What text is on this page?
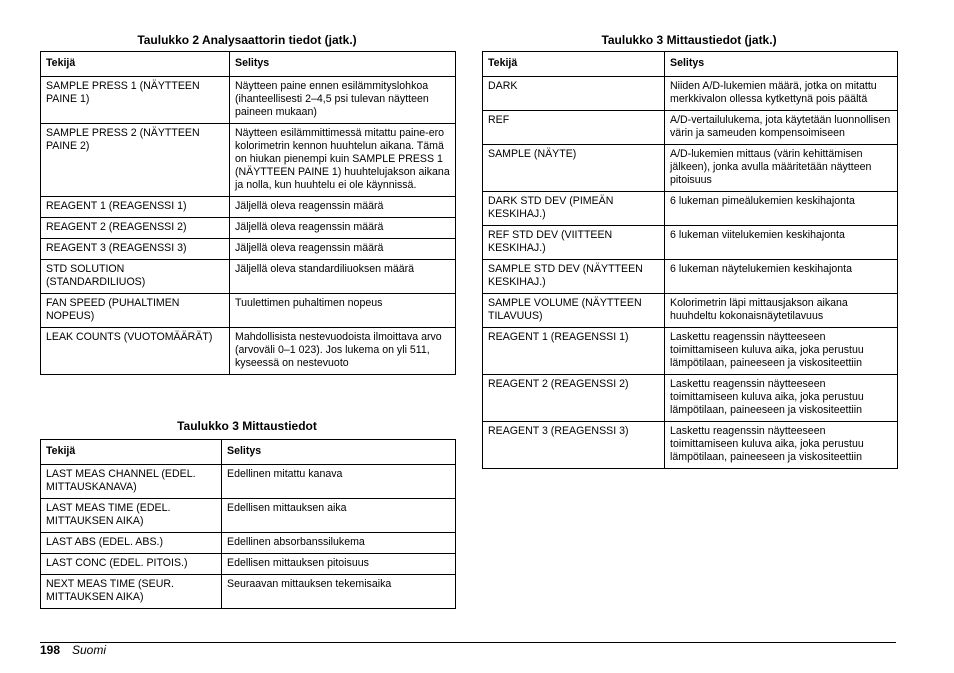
Taulukko 2 Analysaattorin tiedot (jatk.)
Tekijä	Selitys
SAMPLE PRESS 1 (NÄYTTEEN PAINE 1)	Näytteen paine ennen esilämmityslohkoa (ihanteellisesti 2–4,5 psi tulevan näytteen paineen mukaan)
SAMPLE PRESS 2 (NÄYTTEEN PAINE 2)	Näytteen esilämmittimessä mitattu paine-ero kolorimetrin kennon huuhtelun aikana. Tämä on hiukan pienempi kuin SAMPLE PRESS 1 (NÄYTTEEN PAINE 1) huuhtelujakson aikana ja nolla, kun huuhtelu ei ole käynnissä.
REAGENT 1 (REAGENSSI 1)	Jäljellä oleva reagenssin määrä
REAGENT 2 (REAGENSSI 2)	Jäljellä oleva reagenssin määrä
REAGENT 3 (REAGENSSI 3)	Jäljellä oleva reagenssin määrä
STD SOLUTION (STANDARDILIUOS)	Jäljellä oleva standardiliuoksen määrä
FAN SPEED (PUHALTIMEN NOPEUS)	Tuulettimen puhaltimen nopeus
LEAK COUNTS (VUOTOMÄÄRÄT)	Mahdollisista nestevuodoista ilmoittava arvo (arvoväli 0–1 023). Jos lukema on yli 511, kyseessä on nestevuoto
Taulukko 3 Mittaustiedot
Tekijä	Selitys
LAST MEAS CHANNEL (EDEL. MITTAUSKANAVA)	Edellinen mitattu kanava
LAST MEAS TIME (EDEL. MITTAUKSEN AIKA)	Edellisen mittauksen aika
LAST ABS (EDEL. ABS.)	Edellinen absorbanssilukema
LAST CONC (EDEL. PITOIS.)	Edellisen mittauksen pitoisuus
NEXT MEAS TIME (SEUR. MITTAUKSEN AIKA)	Seuraavan mittauksen tekemisaika
Taulukko 3 Mittaustiedot (jatk.)
Tekijä	Selitys
DARK	Niiden A/D-lukemien määrä, jotka on mitattu merkkivalon ollessa kytkettynä pois päältä
REF	A/D-vertailulukema, jota käytetään luonnollisen värin ja sameuden kompensoimiseen
SAMPLE (NÄYTE)	A/D-lukemien mittaus (värin kehittämisen jälkeen), jonka avulla määritetään näytteen pitoisuus
DARK STD DEV (PIMEÄN KESKIHAJ.)	6 lukeman pimeälukemien keskihajonta
REF STD DEV (VIITTEEN KESKIHAJ.)	6 lukeman viitelukemien keskihajonta
SAMPLE STD DEV (NÄYTTEEN KESKIHAJ.)	6 lukeman näytelukemien keskihajonta
SAMPLE VOLUME (NÄYTTEEN TILAVUUS)	Kolorimetrin läpi mittausjakson aikana huuhdeltu kokonaisnäytetilavuus
REAGENT 1 (REAGENSSI 1)	Laskettu reagenssin näytteeseen toimittamiseen kuluva aika, joka perustuu lämpötilaan, paineeseen ja viskositeettiin
REAGENT 2 (REAGENSSI 2)	Laskettu reagenssin näytteeseen toimittamiseen kuluva aika, joka perustuu lämpötilaan, paineeseen ja viskositeettiin
REAGENT 3 (REAGENSSI 3)	Laskettu reagenssin näytteeseen toimittamiseen kuluva aika, joka perustuu lämpötilaan, paineeseen ja viskositeettiin
198 Suomi
